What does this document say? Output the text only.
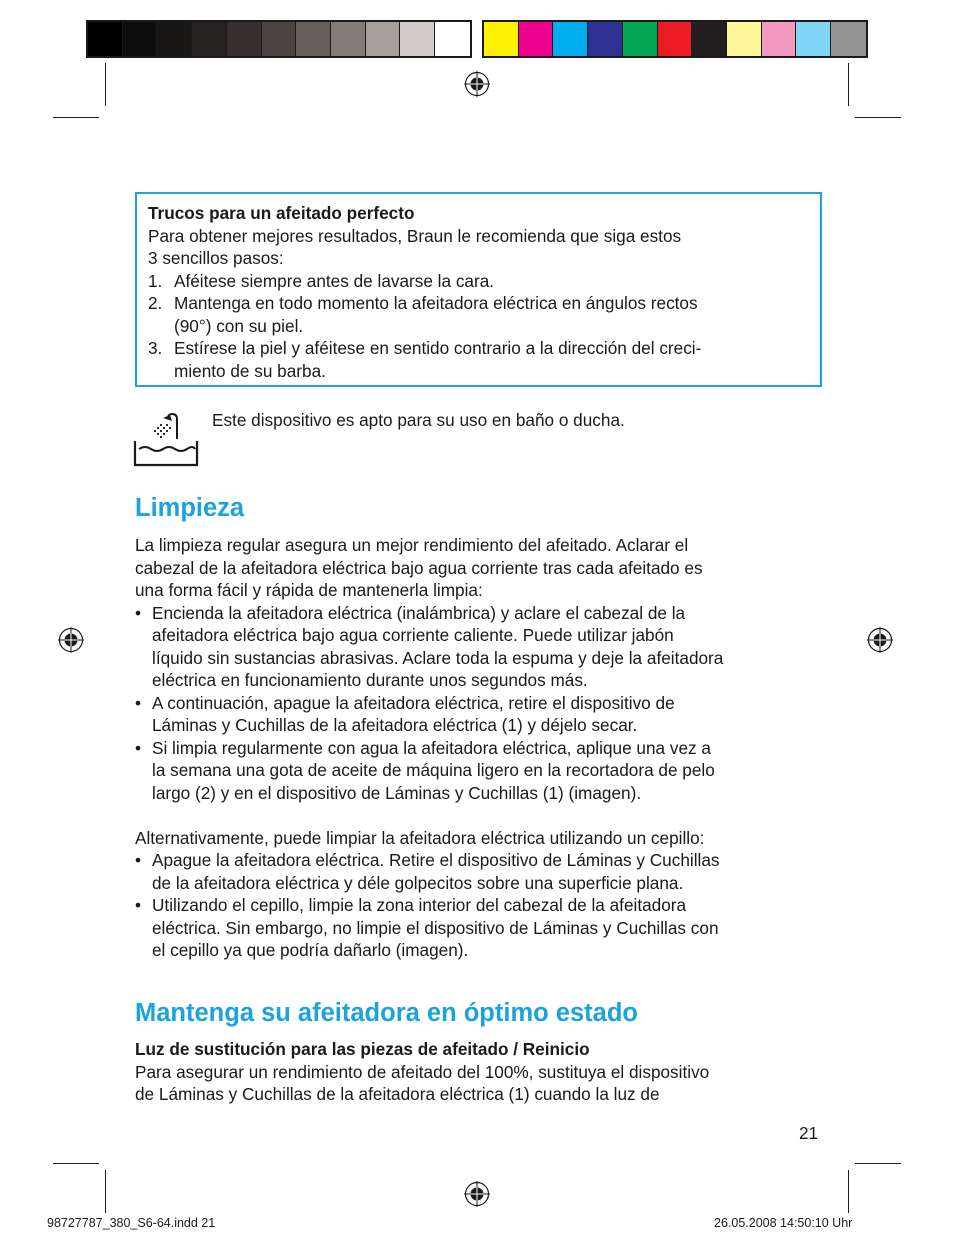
Trucos para un afeitado perfecto
Para obtener mejores resultados, Braun le recomienda que siga estos
3 sencillos pasos:
1. Aféitese siempre antes de lavarse la cara.
2. Mantenga en todo momento la afeitadora eléctrica en ángulos rectos
(90°) con su piel.
3. Estírese la piel y aféitese en sentido contrario a la dirección del creci-
miento de su barba.
Este dispositivo es apto para su uso en baño o ducha.
Limpieza

La limpieza regular asegura un mejor rendimiento del afeitado. Aclarar el

cabezal de la afeitadora eléctrica bajo agua corriente tras cada afeitado es

una forma fácil y rápida de mantenerla limpia:

• Encienda la afeitadora eléctrica (inalámbrica) y aclare el cabezal de la
afeitadora eléctrica bajo agua corriente caliente. Puede utilizar jabón
líquido sin sustancias abrasivas. Aclare toda la espuma y deje la afeitadora
eléctrica en funcionamiento durante unos segundos más.
• A continuación, apague la afeitadora eléctrica, retire el dispositivo de
Láminas y Cuchillas de la afeitadora eléctrica (1) y déjelo secar.
• Si limpia regularmente con agua la afeitadora eléctrica, aplique una vez a
la semana una gota de aceite de máquina ligero en la recortadora de pelo
largo (2) y en el dispositivo de Láminas y Cuchillas (1) (imagen).

Alternativamente, puede limpiar la afeitadora eléctrica utilizando un cepillo:

• Apague la afeitadora eléctrica. Retire el dispositivo de Láminas y Cuchillas
de la afeitadora eléctrica y déle golpecitos sobre una superficie plana.
• Utilizando el cepillo, limpie la zona interior del cabezal de la afeitadora
eléctrica. Sin embargo, no limpie el dispositivo de Láminas y Cuchillas con
el cepillo ya que podría dañarlo (imagen).
Mantenga su afeitadora en óptimo estado

Luz de sustitución para las piezas de afeitado / Reinicio

Para asegurar un rendimiento de afeitado del 100%, sustituya el dispositivo

de Láminas y Cuchillas de la afeitadora eléctrica (1) cuando la luz de

21
98727787_380_S6-64.indd 21	26.05.2008 14:50:10 Uhr
